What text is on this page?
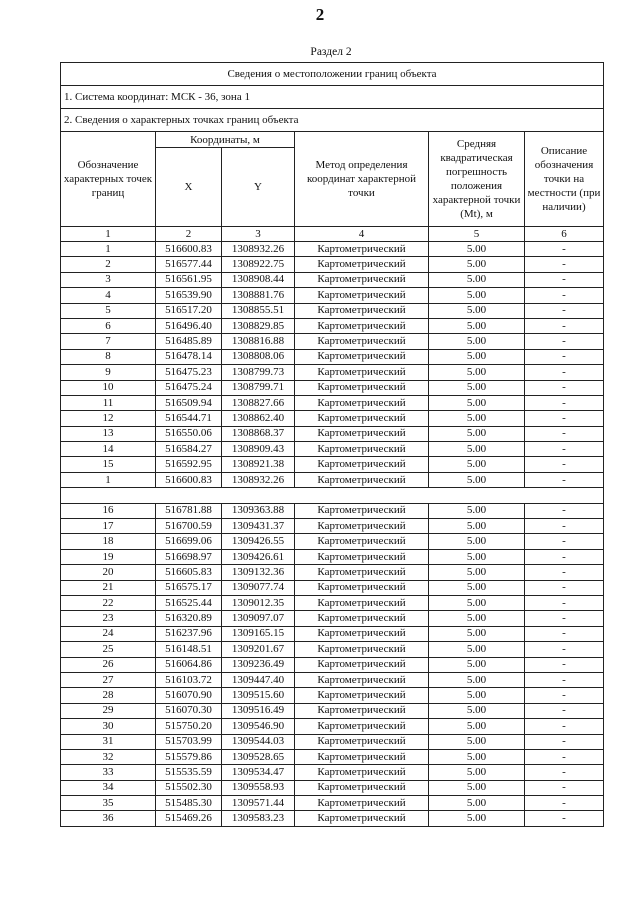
2
Раздел 2
Сведения о местоположении границ объекта					
1. Система координат: МСК - 36, зона 1					
2. Сведения о характерных точках границ объекта					
Обозначение характерных точек границ	Координаты, м		Метод определения координат характерной точки	Средняя квадратическая погрешность положения характерной точки (Mt), м	Описание обозначения точки на местности (при наличии)
	X	Y			
1	2	3	4	5	6
1	516600.83	1308932.26	Картометрический	5.00	-
2	516577.44	1308922.75	Картометрический	5.00	-
3	516561.95	1308908.44	Картометрический	5.00	-
4	516539.90	1308881.76	Картометрический	5.00	-
5	516517.20	1308855.51	Картометрический	5.00	-
6	516496.40	1308829.85	Картометрический	5.00	-
7	516485.89	1308816.88	Картометрический	5.00	-
8	516478.14	1308808.06	Картометрический	5.00	-
9	516475.23	1308799.73	Картометрический	5.00	-
10	516475.24	1308799.71	Картометрический	5.00	-
11	516509.94	1308827.66	Картометрический	5.00	-
12	516544.71	1308862.40	Картометрический	5.00	-
13	516550.06	1308868.37	Картометрический	5.00	-
14	516584.27	1308909.43	Картометрический	5.00	-
15	516592.95	1308921.38	Картометрический	5.00	-
1	516600.83	1308932.26	Картометрический	5.00	-

16	516781.88	1309363.88	Картометрический	5.00	-
17	516700.59	1309431.37	Картометрический	5.00	-
18	516699.06	1309426.55	Картометрический	5.00	-
19	516698.97	1309426.61	Картометрический	5.00	-
20	516605.83	1309132.36	Картометрический	5.00	-
21	516575.17	1309077.74	Картометрический	5.00	-
22	516525.44	1309012.35	Картометрический	5.00	-
23	516320.89	1309097.07	Картометрический	5.00	-
24	516237.96	1309165.15	Картометрический	5.00	-
25	516148.51	1309201.67	Картометрический	5.00	-
26	516064.86	1309236.49	Картометрический	5.00	-
27	516103.72	1309447.40	Картометрический	5.00	-
28	516070.90	1309515.60	Картометрический	5.00	-
29	516070.30	1309516.49	Картометрический	5.00	-
30	515750.20	1309546.90	Картометрический	5.00	-
31	515703.99	1309544.03	Картометрический	5.00	-
32	515579.86	1309528.65	Картометрический	5.00	-
33	515535.59	1309534.47	Картометрический	5.00	-
34	515502.30	1309558.93	Картометрический	5.00	-
35	515485.30	1309571.44	Картометрический	5.00	-
36	515469.26	1309583.23	Картометрический	5.00	-
